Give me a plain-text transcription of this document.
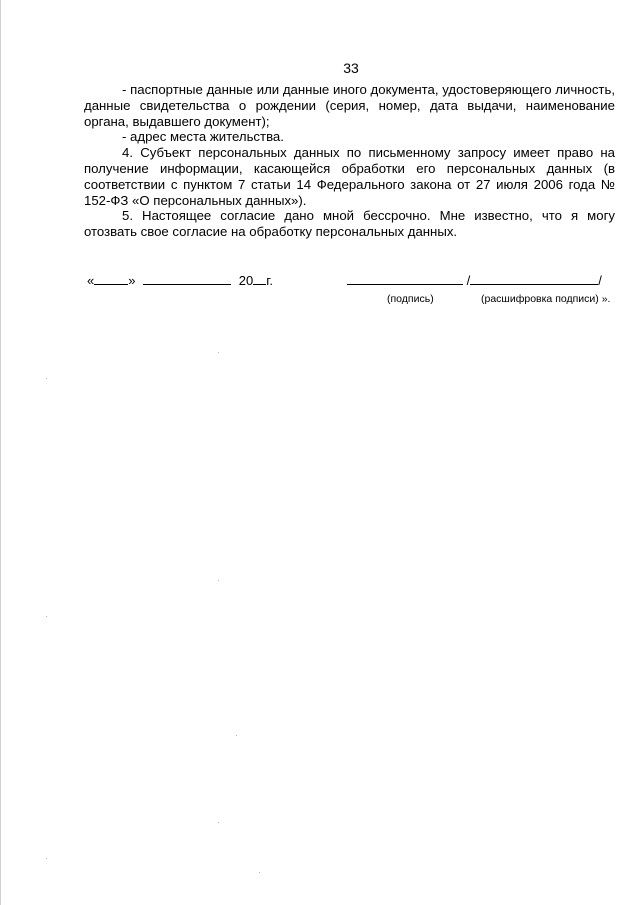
33

- паспортные данные или данные иного документа, удостоверяющего личность, данные свидетельства о рождении (серия, номер, дата выдачи, наименование органа, выдавшего документ);

- адрес места жительства.

4. Субъект персональных данных по письменному запросу имеет право на получение информации, касающейся обработки его персональных данных (в соответствии с пунктом 7 статьи 14 Федерального закона от 27 июля 2006 года № 152-ФЗ «О персональных данных»).

5. Настоящее согласие дано мной бессрочно. Мне известно, что я могу отозвать свое согласие на обработку персональных данных.

«	»	20 г.	/	/
(подпись)	(расшифровка подписи) ».
